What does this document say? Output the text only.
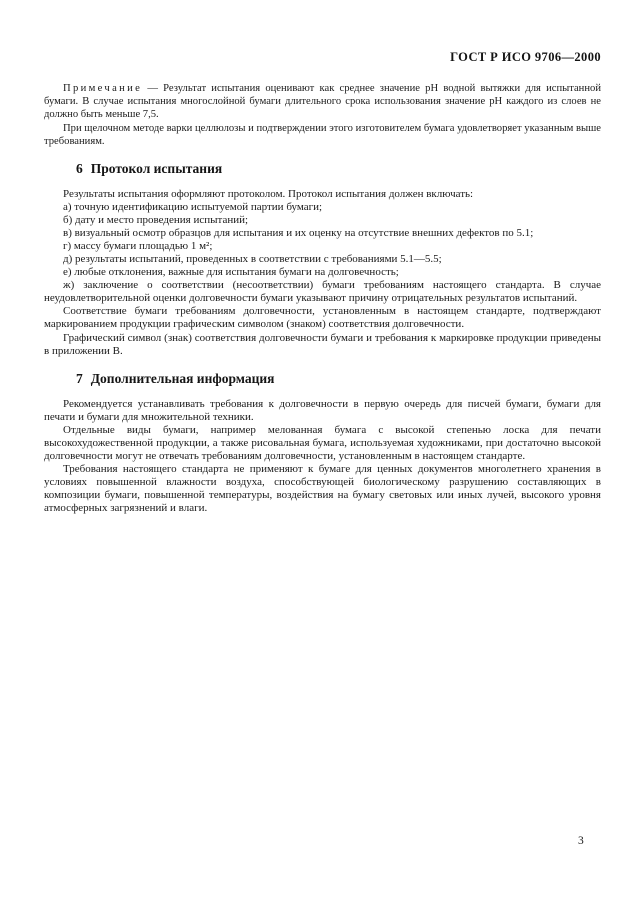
ГОСТ Р ИСО 9706—2000

Примечание — Результат испытания оценивают как среднее значение pH водной вытяжки для испытанной бумаги. В случае испытания многослойной бумаги длительного срока использования значение pH каждого из слоев не должно быть меньше 7,5.

При щелочном методе варки целлюлозы и подтверждении этого изготовителем бумага удовлетворяет указанным выше требованиям.

6 Протокол испытания

Результаты испытания оформляют протоколом. Протокол испытания должен включать:

а) точную идентификацию испытуемой партии бумаги;

б) дату и место проведения испытаний;

в) визуальный осмотр образцов для испытания и их оценку на отсутствие внешних дефектов по 5.1;

г) массу бумаги площадью 1 м²;

д) результаты испытаний, проведенных в соответствии с требованиями 5.1—5.5;

е) любые отклонения, важные для испытания бумаги на долговечность;

ж) заключение о соответствии (несоответствии) бумаги требованиям настоящего стандарта. В случае неудовлетворительной оценки долговечности бумаги указывают причину отрицательных результатов испытаний.

Соответствие бумаги требованиям долговечности, установленным в настоящем стандарте, подтверждают маркированием продукции графическим символом (знаком) соответствия долговечности.

Графический символ (знак) соответствия долговечности бумаги и требования к маркировке продукции приведены в приложении В.

7 Дополнительная информация

Рекомендуется устанавливать требования к долговечности в первую очередь для писчей бумаги, бумаги для печати и бумаги для множительной техники.

Отдельные виды бумаги, например мелованная бумага с высокой степенью лоска для печати высокохудожественной продукции, а также рисовальная бумага, используемая художниками, при достаточно высокой долговечности могут не отвечать требованиям долговечности, установленным в настоящем стандарте.

Требования настоящего стандарта не применяют к бумаге для ценных документов многолетнего хранения в условиях повышенной влажности воздуха, способствующей биологическому разрушению составляющих в композиции бумаги, повышенной температуры, воздействия на бумагу световых или иных лучей, высокого уровня атмосферных загрязнений и влаги.

3
